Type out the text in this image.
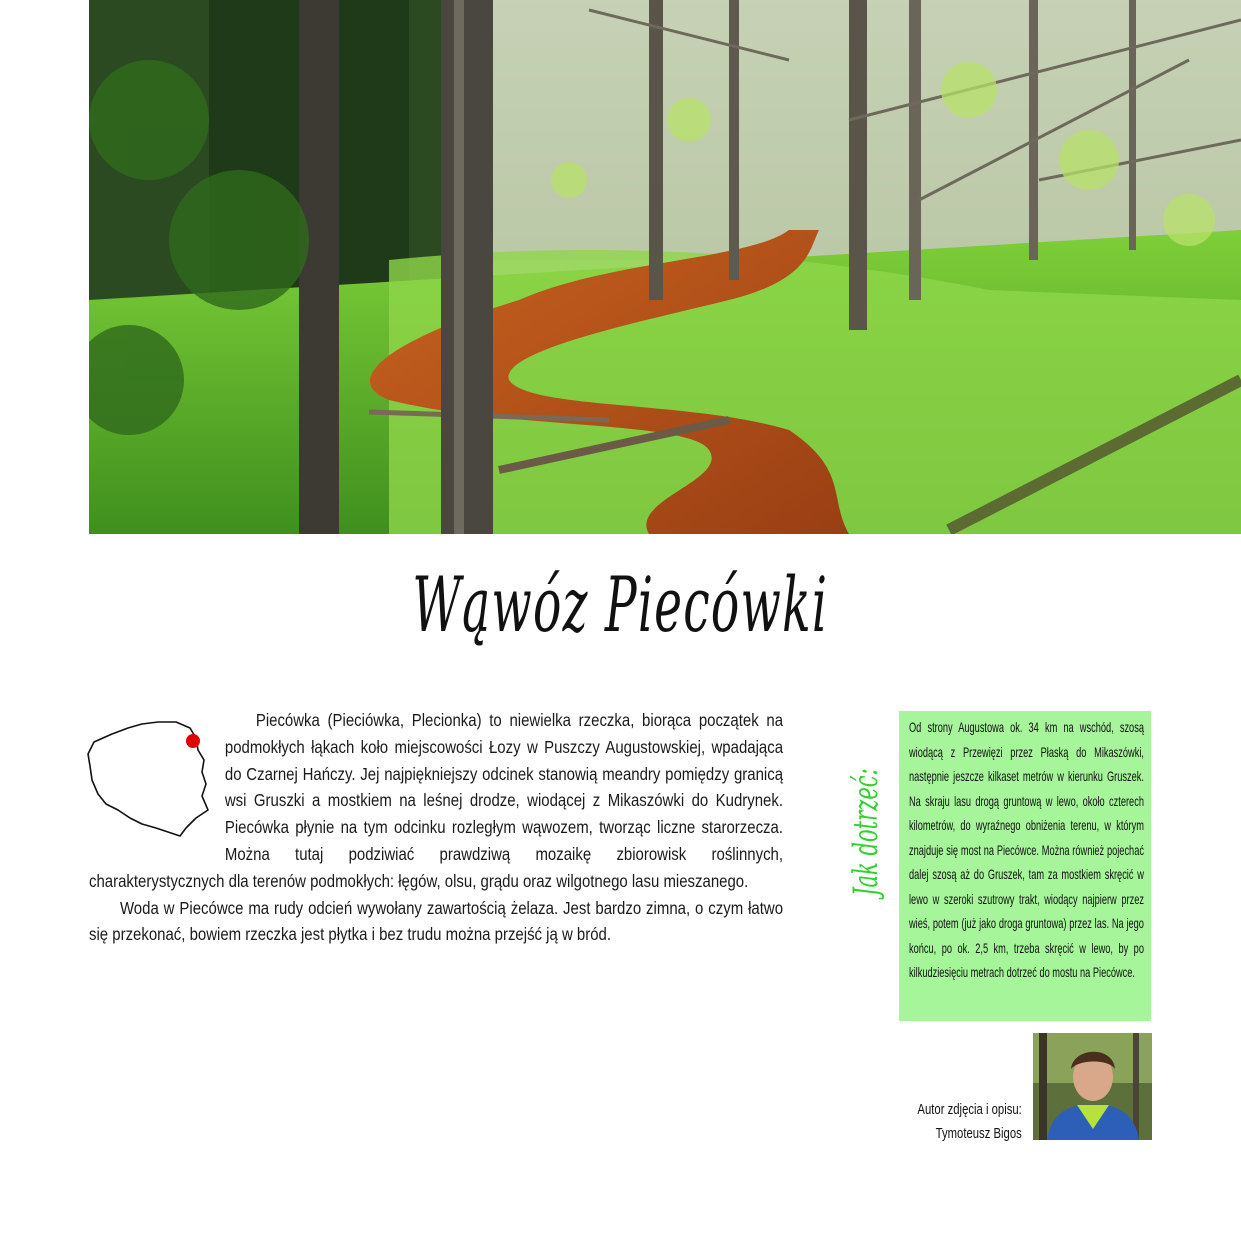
Wąwóz Piecówki

Piecówka (Pieciówka, Plecionka) to niewielka rzeczka, biorąca początek na podmokłych łąkach koło miejscowości Łozy w Puszczy Augustowskiej, wpadająca do Czarnej Hańczy. Jej najpiękniejszy odcinek stanowią meandry pomiędzy granicą wsi Gruszki a mostkiem na leśnej drodze, wiodącej z Mikaszówki do Kudrynek. Piecówka płynie na tym odcinku rozległym wąwozem, tworząc liczne starorzecza. Można tutaj podziwiać prawdziwą mozaikę zbiorowisk roślinnych, charakterystycznych dla terenów podmokłych: łęgów, olsu, grądu oraz wilgotnego lasu mieszanego.

Woda w Piecówce ma rudy odcień wywołany zawartością żelaza. Jest bardzo zimna, o czym łatwo się przekonać, bowiem rzeczka jest płytka i bez trudu można przejść ją w bród.

Jak dotrzeć:
Od strony Augustowa ok. 34 km na wschód, szosą wiodącą z Przewięzi przez Płaską do Mikaszówki, następnie jeszcze kilkaset metrów w kierunku Gruszek. Na skraju lasu drogą gruntową w lewo, około czterech kilometrów, do wyraźnego obniżenia terenu, w którym znajduje się most na Piecówce. Można również pojechać dalej szosą aż do Gruszek, tam za mostkiem skręcić w lewo w szeroki szutrowy trakt, wiodący najpierw przez wieś, potem (już jako droga gruntowa) przez las. Na jego końcu, po ok. 2,5 km, trzeba skręcić w lewo, by po kilkudziesięciu metrach dotrzeć do mostu na Piecówce.
Autor zdjęcia i opisu:
Tymoteusz Bigos
